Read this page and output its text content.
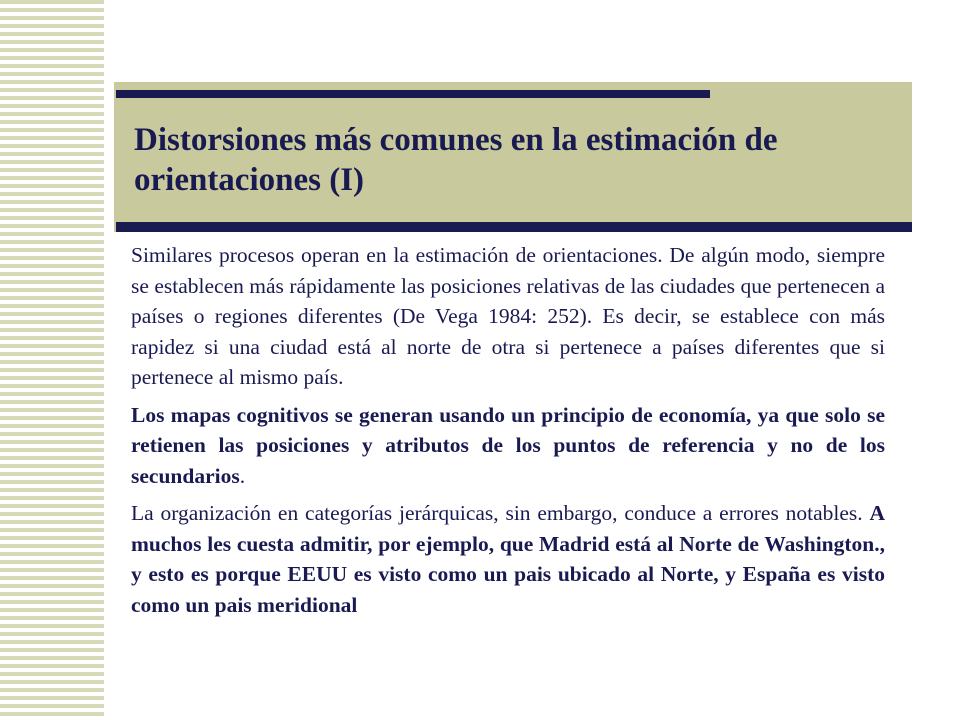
Distorsiones más comunes en la estimación de orientaciones (I)

Similares procesos operan en la estimación de orientaciones. De algún modo, siempre se establecen más rápidamente las posiciones relativas de las ciudades que pertenecen a países o regiones diferentes (De Vega 1984: 252). Es decir, se establece con más rapidez si una ciudad está al norte de otra si pertenece a países diferentes que si pertenece al mismo país.

Los mapas cognitivos se generan usando un principio de economía, ya que solo se retienen las posiciones y atributos de los puntos de referencia y no de los secundarios.

La organización en categorías jerárquicas, sin embargo, conduce a errores notables. A muchos les cuesta admitir, por ejemplo, que Madrid está al Norte de Washington., y esto es porque EEUU es visto como un pais ubicado al Norte, y España es visto como un pais meridional
